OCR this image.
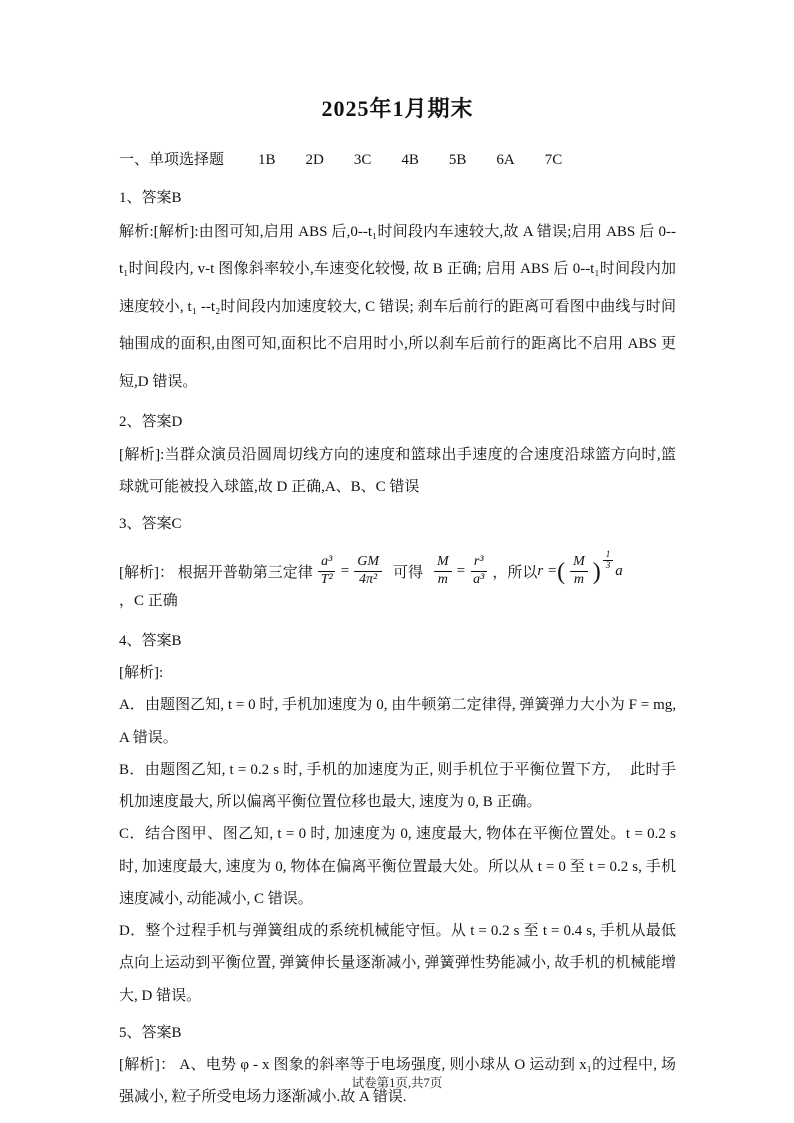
2025年1月期末
一、单项选择题 1B 2D 3C 4B 5B 6A 7C
1、答案B

解析:[解析]:由图可知,启用 ABS 后,0--t₁时间段内车速较大,故 A 错误;启用 ABS 后 0--t₁时间段内, v-t 图像斜率较小,车速变化较慢, 故 B 正确; 启用 ABS 后 0--t₁时间段内加速度较小, t₁ --t₂时间段内加速度较大, C 错误; 刹车后前行的距离可看图中曲线与时间轴围成的面积,由图可知,面积比不启用时小,所以刹车后前行的距离比不启用 ABS 更短,D 错误。

2、答案D

[解析]:当群众演员沿圆周切线方向的速度和篮球出手速度的合速度沿球篮方向时,篮球就可能被投入球篮,故 D 正确,A、B、C 错误

3、答案C
[解析]： 根据开普勒第三定律 $\frac{\text{a³}}{\text{T²}} = \frac{GM}{\text{4π²}}$ 可得 $\frac{M}{m} = \frac{\text{r³}}{\text{a³}}$ ，所以 r = ( $\frac{M}{m}$ ) $\frac{1}{3}$
a
，C 正确
4、答案B

[解析]:

A．由题图乙知, t = 0 时, 手机加速度为 0, 由牛顿第二定律得, 弹簧弹力大小为 F = mg, A 错误。

B．由题图乙知, t = 0.2 s 时, 手机的加速度为正, 则手机位于平衡位置下方,　 此时手机加速度最大, 所以偏离平衡位置位移也最大, 速度为 0, B 正确。

C．结合图甲、图乙知, t = 0 时, 加速度为 0, 速度最大, 物体在平衡位置处。t = 0.2 s 时, 加速度最大, 速度为 0, 物体在偏离平衡位置最大处。所以从 t = 0 至 t = 0.2 s, 手机速度减小, 动能减小, C 错误。

D．整个过程手机与弹簧组成的系统机械能守恒。从 t = 0.2 s 至 t = 0.4 s, 手机从最低点向上运动到平衡位置, 弹簧伸长量逐渐减小, 弹簧弹性势能减小, 故手机的机械能增大, D 错误。

5、答案B

[解析]： A、电势 φ - x 图象的斜率等于电场强度, 则小球从 O 运动到 x₁的过程中, 场强减小, 粒子所受电场力逐渐减小.故 A 错误.

试卷第1页,共7页
